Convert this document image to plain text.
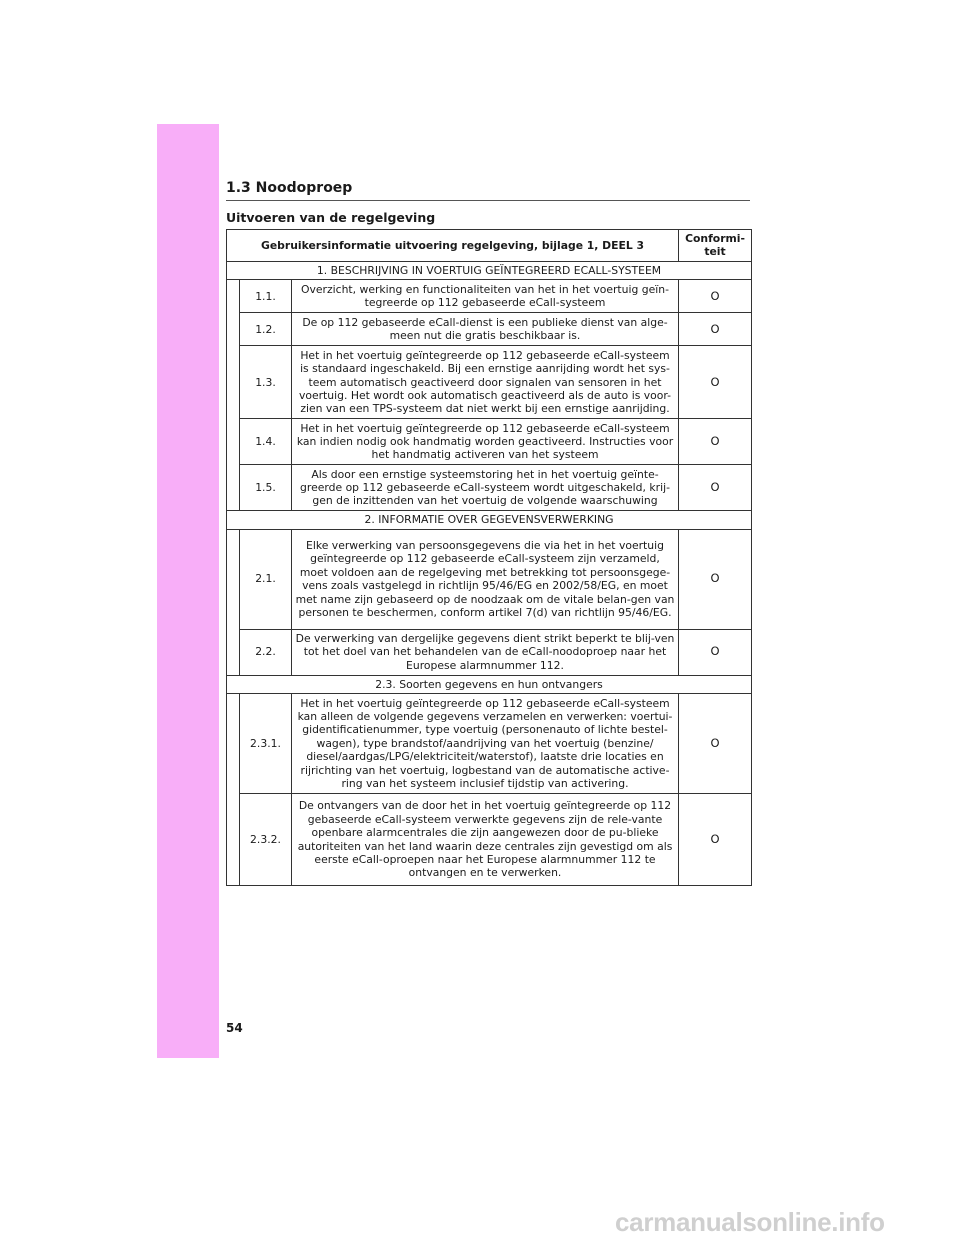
1.3 Noodoproep
Uitvoeren van de regelgeving
Gebruikersinformatie uitvoering regelgeving, bijlage 1, DEEL 3			Conformi-teit
1. BESCHRIJVING IN VOERTUIG GEÏNTEGREERD ECALL-SYSTEEM			
	1.1.	Overzicht, werking en functionaliteiten van het in het voertuig geïn-tegreerde op 112 gebaseerde eCall-systeem	O
	1.2.	De op 112 gebaseerde eCall-dienst is een publieke dienst van alge-meen nut die gratis beschikbaar is.	O
	1.3.	Het in het voertuig geïntegreerde op 112 gebaseerde eCall-systeem is standaard ingeschakeld. Bij een ernstige aanrijding wordt het sys-teem automatisch geactiveerd door signalen van sensoren in het voertuig. Het wordt ook automatisch geactiveerd als de auto is voor-zien van een TPS-systeem dat niet werkt bij een ernstige aanrijding.	O
	1.4.	Het in het voertuig geïntegreerde op 112 gebaseerde eCall-systeem kan indien nodig ook handmatig worden geactiveerd. Instructies voor het handmatig activeren van het systeem	O
	1.5.	Als door een ernstige systeemstoring het in het voertuig geïnte-greerde op 112 gebaseerde eCall-systeem wordt uitgeschakeld, krij-gen de inzittenden van het voertuig de volgende waarschuwing	O
2. INFORMATIE OVER GEGEVENSVERWERKING			
	2.1.	Elke verwerking van persoonsgegevens die via het in het voertuig geïntegreerde op 112 gebaseerde eCall-systeem zijn verzameld, moet voldoen aan de regelgeving met betrekking tot persoonsgege-vens zoals vastgelegd in richtlijn 95/46/EG en 2002/58/EG, en moet met name zijn gebaseerd op de noodzaak om de vitale belan-gen van personen te beschermen, conform artikel 7(d) van richtlijn 95/46/EG.	O
	2.2.	De verwerking van dergelijke gegevens dient strikt beperkt te blij-ven tot het doel van het behandelen van de eCall-noodoproep naar het Europese alarmnummer 112.	O
2.3. Soorten gegevens en hun ontvangers			
	2.3.1.	Het in het voertuig geïntegreerde op 112 gebaseerde eCall-systeem kan alleen de volgende gegevens verzamelen en verwerken: voertui-gidentificatienummer, type voertuig (personenauto of lichte bestel-wagen), type brandstof/aandrijving van het voertuig (benzine/ diesel/aardgas/LPG/elektriciteit/waterstof), laatste drie locaties en rijrichting van het voertuig, logbestand van de automatische active-ring van het systeem inclusief tijdstip van activering.	O
	2.3.2.	De ontvangers van de door het in het voertuig geïntegreerde op 112 gebaseerde eCall-systeem verwerkte gegevens zijn de rele-vante openbare alarmcentrales die zijn aangewezen door de pu-blieke autoriteiten van het land waarin deze centrales zijn gevestigd om als eerste eCall-oproepen naar het Europese alarmnummer 112 te ontvangen en te verwerken.	O
54
carmanualsonline.info
